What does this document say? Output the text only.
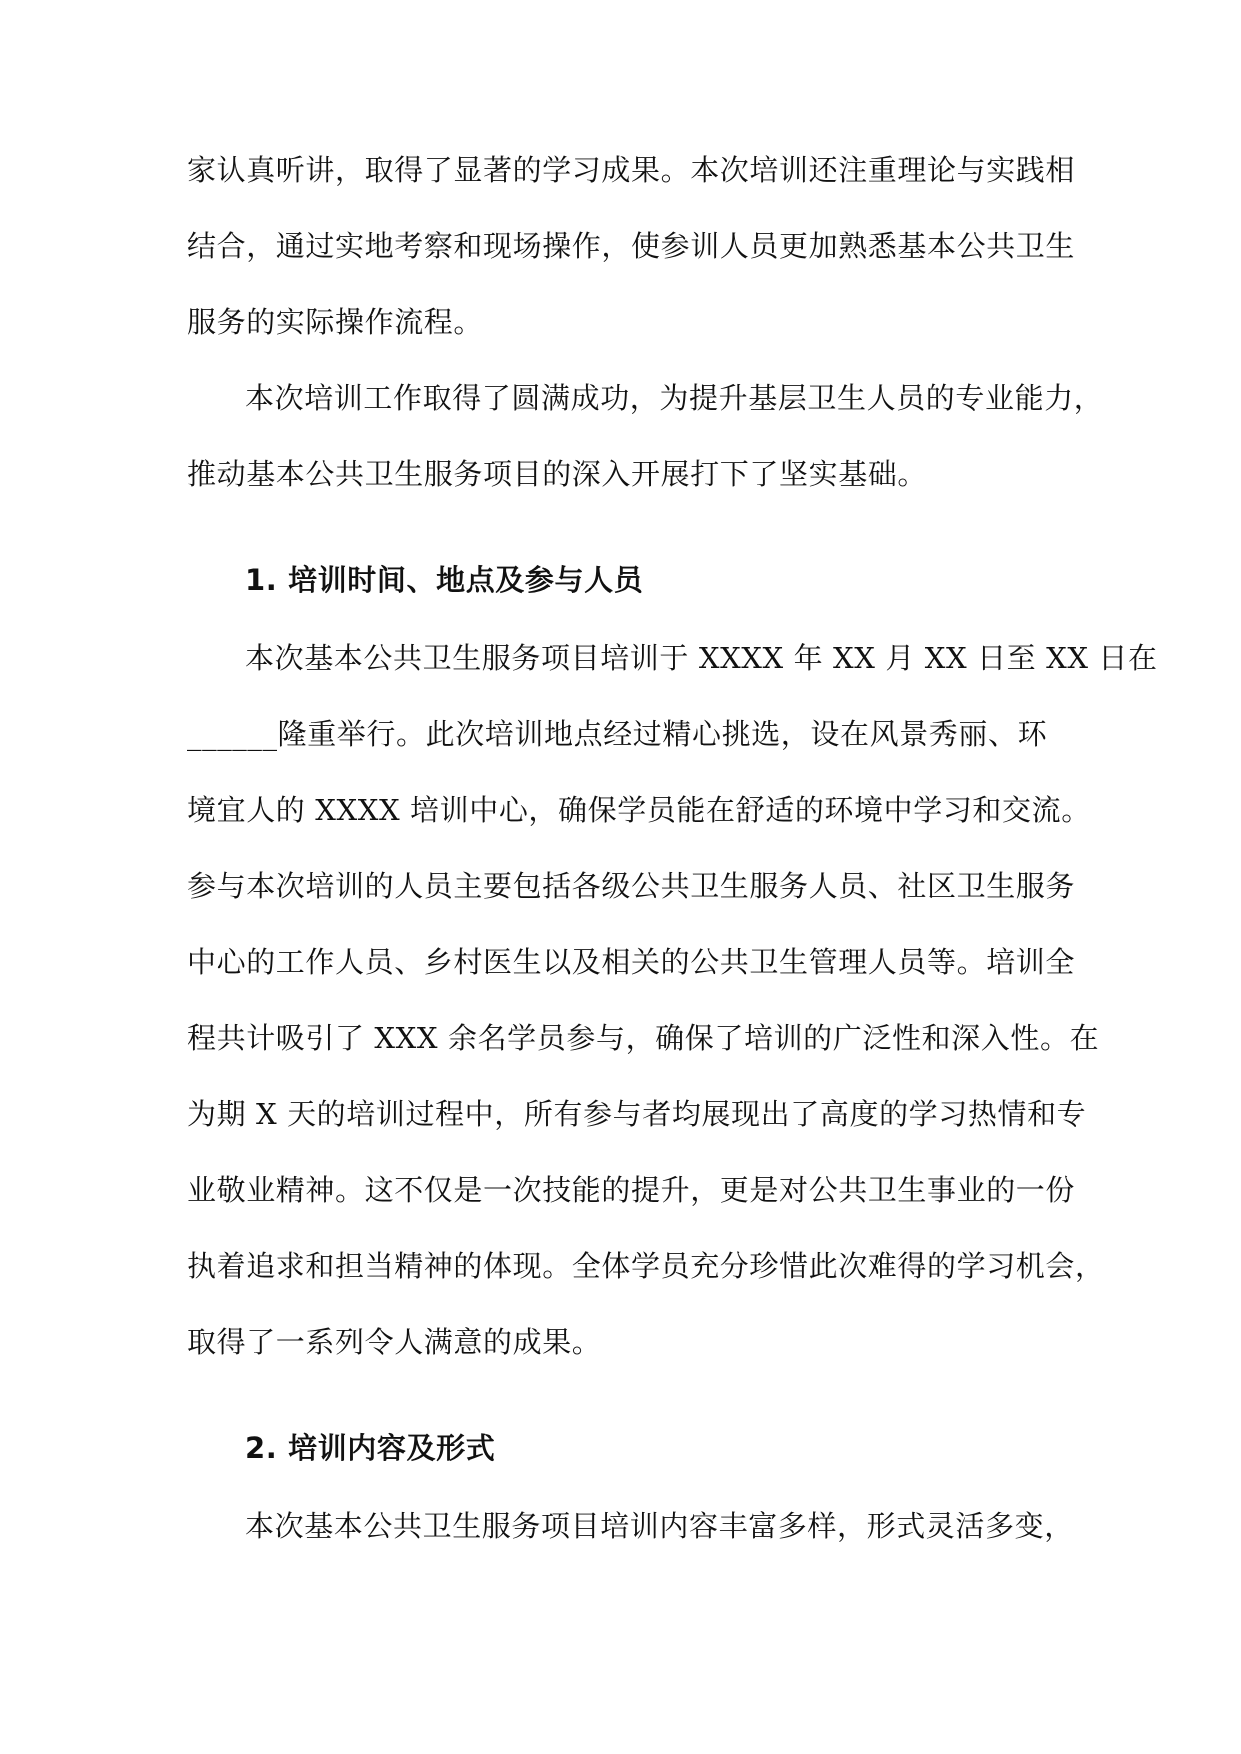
家认真听讲，取得了显著的学习成果。本次培训还注重理论与实践相
结合，通过实地考察和现场操作，使参训人员更加熟悉基本公共卫生
服务的实际操作流程。
本次培训工作取得了圆满成功，为提升基层卫生人员的专业能力，
推动基本公共卫生服务项目的深入开展打下了坚实基础。
1. 培训时间、地点及参与人员
本次基本公共卫生服务项目培训于 XXXX 年 XX 月 XX 日至 XX 日在
______隆重举行。此次培训地点经过精心挑选，设在风景秀丽、环
境宜人的 XXXX 培训中心，确保学员能在舒适的环境中学习和交流。
参与本次培训的人员主要包括各级公共卫生服务人员、社区卫生服务
中心的工作人员、乡村医生以及相关的公共卫生管理人员等。培训全
程共计吸引了 XXX 余名学员参与，确保了培训的广泛性和深入性。在
为期 X 天的培训过程中，所有参与者均展现出了高度的学习热情和专
业敬业精神。这不仅是一次技能的提升，更是对公共卫生事业的一份
执着追求和担当精神的体现。全体学员充分珍惜此次难得的学习机会，
取得了一系列令人满意的成果。
2. 培训内容及形式
本次基本公共卫生服务项目培训内容丰富多样，形式灵活多变，
